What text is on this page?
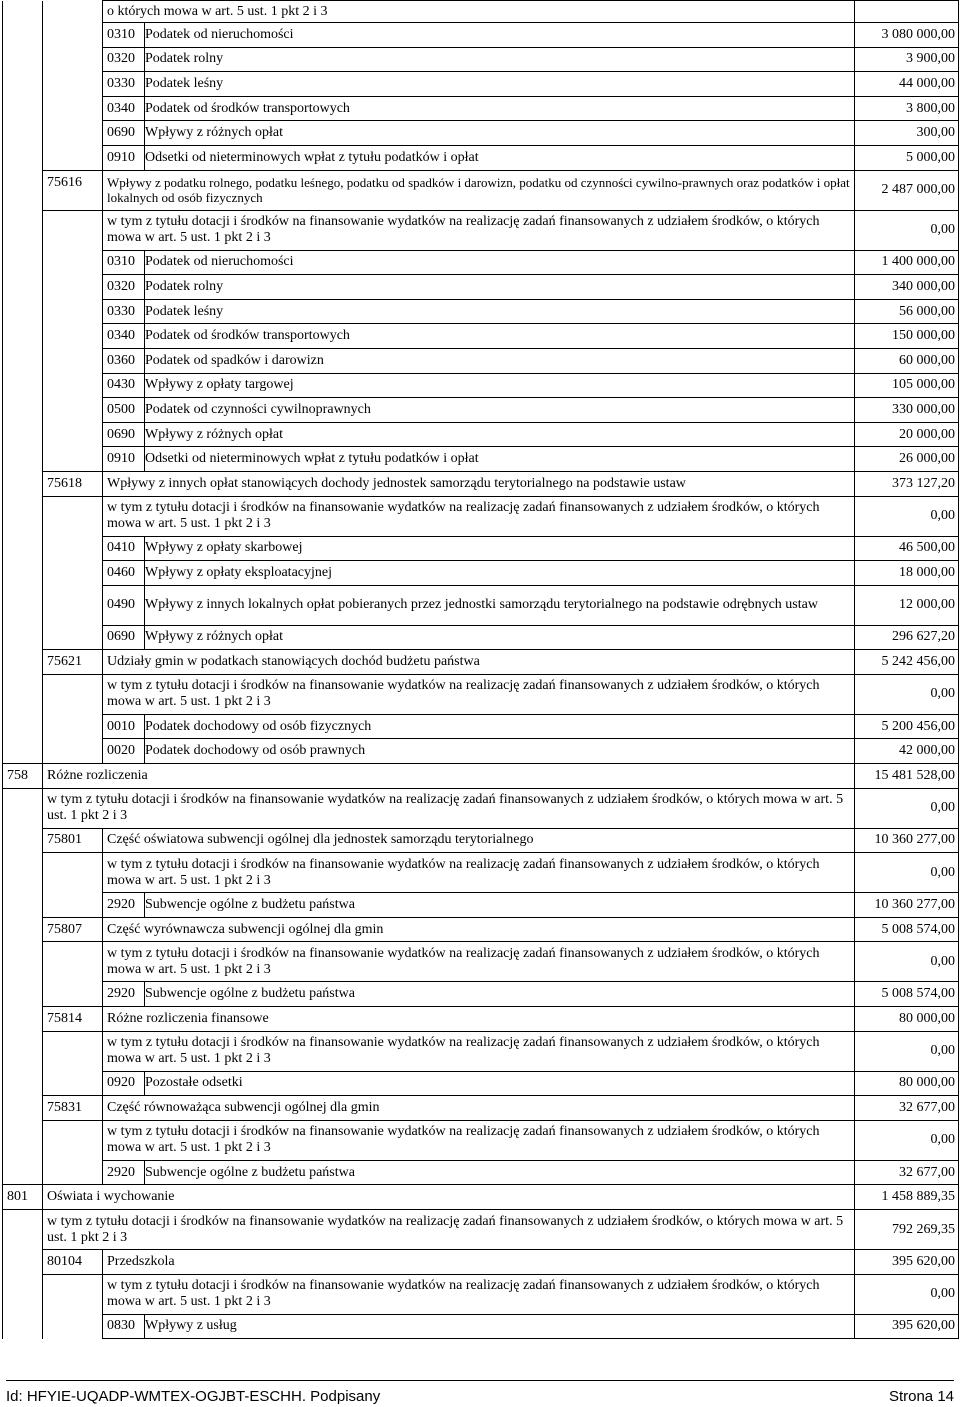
		o których mowa w art. 5 ust. 1 pkt 2 i 3		
		0310	Podatek od nieruchomości	3 080 000,00
		0320	Podatek rolny	3 900,00
		0330	Podatek leśny	44 000,00
		0340	Podatek od środków transportowych	3 800,00
		0690	Wpływy z różnych opłat	300,00
		0910	Odsetki od nieterminowych wpłat z tytułu podatków i opłat	5 000,00
	75616	Wpływy z podatku rolnego, podatku leśnego, podatku od spadków i darowizn, podatku od czynności cywilno-prawnych oraz podatków i opłat lokalnych od osób fizycznych		2 487 000,00
		w tym z tytułu dotacji i środków na finansowanie wydatków na realizację zadań finansowanych z udziałem środków, o których mowa w art. 5 ust. 1 pkt 2 i 3		0,00
		0310	Podatek od nieruchomości	1 400 000,00
		0320	Podatek rolny	340 000,00
		0330	Podatek leśny	56 000,00
		0340	Podatek od środków transportowych	150 000,00
		0360	Podatek od spadków i darowizn	60 000,00
		0430	Wpływy z opłaty targowej	105 000,00
		0500	Podatek od czynności cywilnoprawnych	330 000,00
		0690	Wpływy z różnych opłat	20 000,00
		0910	Odsetki od nieterminowych wpłat z tytułu podatków i opłat	26 000,00
	75618	Wpływy z innych opłat stanowiących dochody jednostek samorządu terytorialnego na podstawie ustaw		373 127,20
		w tym z tytułu dotacji i środków na finansowanie wydatków na realizację zadań finansowanych z udziałem środków, o których mowa w art. 5 ust. 1 pkt 2 i 3		0,00
		0410	Wpływy z opłaty skarbowej	46 500,00
		0460	Wpływy z opłaty eksploatacyjnej	18 000,00
		0490	Wpływy z innych lokalnych opłat pobieranych przez jednostki samorządu terytorialnego na podstawie odrębnych ustaw	12 000,00
		0690	Wpływy z różnych opłat	296 627,20
	75621	Udziały gmin w podatkach stanowiących dochód budżetu państwa		5 242 456,00
		w tym z tytułu dotacji i środków na finansowanie wydatków na realizację zadań finansowanych z udziałem środków, o których mowa w art. 5 ust. 1 pkt 2 i 3		0,00
		0010	Podatek dochodowy od osób fizycznych	5 200 456,00
		0020	Podatek dochodowy od osób prawnych	42 000,00
758	Różne rozliczenia			15 481 528,00
	w tym z tytułu dotacji i środków na finansowanie wydatków na realizację zadań finansowanych z udziałem środków, o których mowa w art. 5 ust. 1 pkt 2 i 3			0,00
	75801	Część oświatowa subwencji ogólnej dla jednostek samorządu terytorialnego		10 360 277,00
		w tym z tytułu dotacji i środków na finansowanie wydatków na realizację zadań finansowanych z udziałem środków, o których mowa w art. 5 ust. 1 pkt 2 i 3		0,00
		2920	Subwencje ogólne z budżetu państwa	10 360 277,00
	75807	Część wyrównawcza subwencji ogólnej dla gmin		5 008 574,00
		w tym z tytułu dotacji i środków na finansowanie wydatków na realizację zadań finansowanych z udziałem środków, o których mowa w art. 5 ust. 1 pkt 2 i 3		0,00
		2920	Subwencje ogólne z budżetu państwa	5 008 574,00
	75814	Różne rozliczenia finansowe		80 000,00
		w tym z tytułu dotacji i środków na finansowanie wydatków na realizację zadań finansowanych z udziałem środków, o których mowa w art. 5 ust. 1 pkt 2 i 3		0,00
		0920	Pozostałe odsetki	80 000,00
	75831	Część równoważąca subwencji ogólnej dla gmin		32 677,00
		w tym z tytułu dotacji i środków na finansowanie wydatków na realizację zadań finansowanych z udziałem środków, o których mowa w art. 5 ust. 1 pkt 2 i 3		0,00
		2920	Subwencje ogólne z budżetu państwa	32 677,00
801	Oświata i wychowanie			1 458 889,35
	w tym z tytułu dotacji i środków na finansowanie wydatków na realizację zadań finansowanych z udziałem środków, o których mowa w art. 5 ust. 1 pkt 2 i 3			792 269,35
	80104	Przedszkola		395 620,00
		w tym z tytułu dotacji i środków na finansowanie wydatków na realizację zadań finansowanych z udziałem środków, o których mowa w art. 5 ust. 1 pkt 2 i 3		0,00
		0830	Wpływy z usług	395 620,00
Id: HFYIE-UQADP-WMTEX-OGJBT-ESCHH. Podpisany	Strona 14
